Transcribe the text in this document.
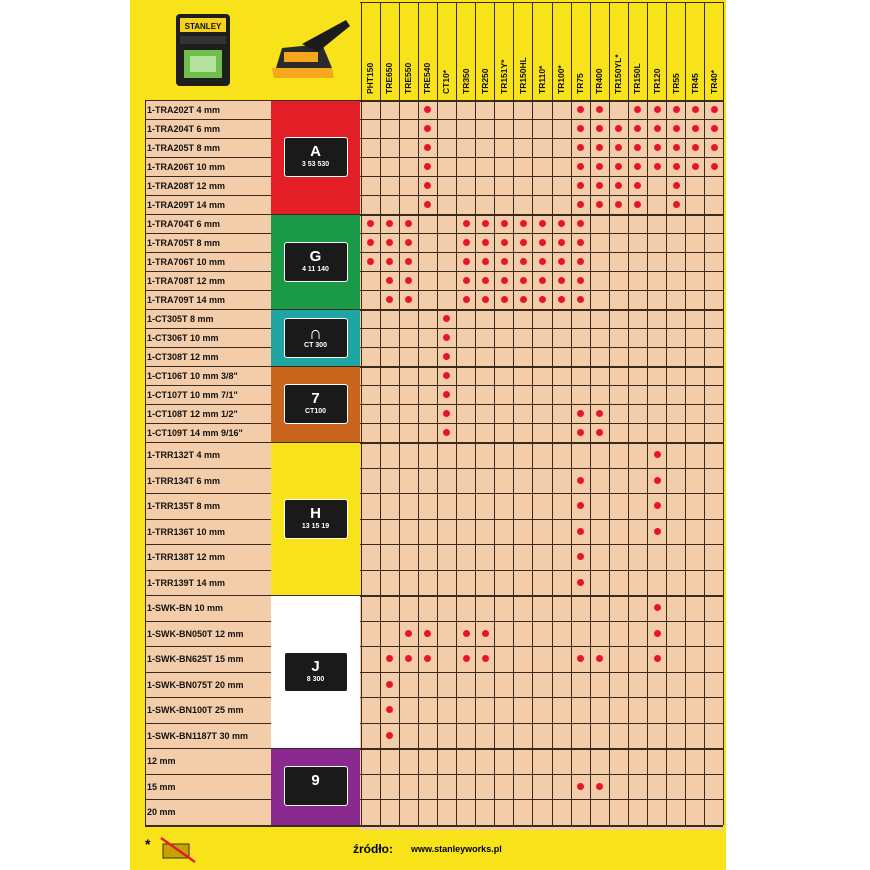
STANLEY
PHT150 TRE650 TRE550 TRE540 CT10* TR350 TR250 TR151Y* TR150HL TR110* TR100* TR75 TR400 TR150YL* TR150L TR120 TR55 TR45 TR40*
1-TRA202T 4 mm
1-TRA204T 6 mm
1-TRA205T 8 mm
1-TRA206T 10 mm
1-TRA208T 12 mm
1-TRA209T 14 mm
A
3 53 530
1-TRA704T 6 mm
1-TRA705T 8 mm
1-TRA706T 10 mm
1-TRA708T 12 mm
1-TRA709T 14 mm
G
4 11 140
1-CT305T 8 mm
1-CT306T 10 mm
1-CT308T 12 mm
∩
CT 300
1-CT106T 10 mm 3/8"
1-CT107T 10 mm 7/1"
1-CT108T 12 mm 1/2"
1-CT109T 14 mm 9/16"
7
CT100
1-TRR132T 4 mm
1-TRR134T 6 mm
1-TRR135T 8 mm
1-TRR136T 10 mm
1-TRR138T 12 mm
1-TRR139T 14 mm
H
13 15 19
1-SWK-BN 10 mm
1-SWK-BN050T 12 mm
1-SWK-BN625T 15 mm
1-SWK-BN075T 20 mm
1-SWK-BN100T 25 mm
1-SWK-BN1187T 30 mm
J
8 300
12 mm
15 mm
20 mm
9
*	źródło: www.stanleyworks.pl
